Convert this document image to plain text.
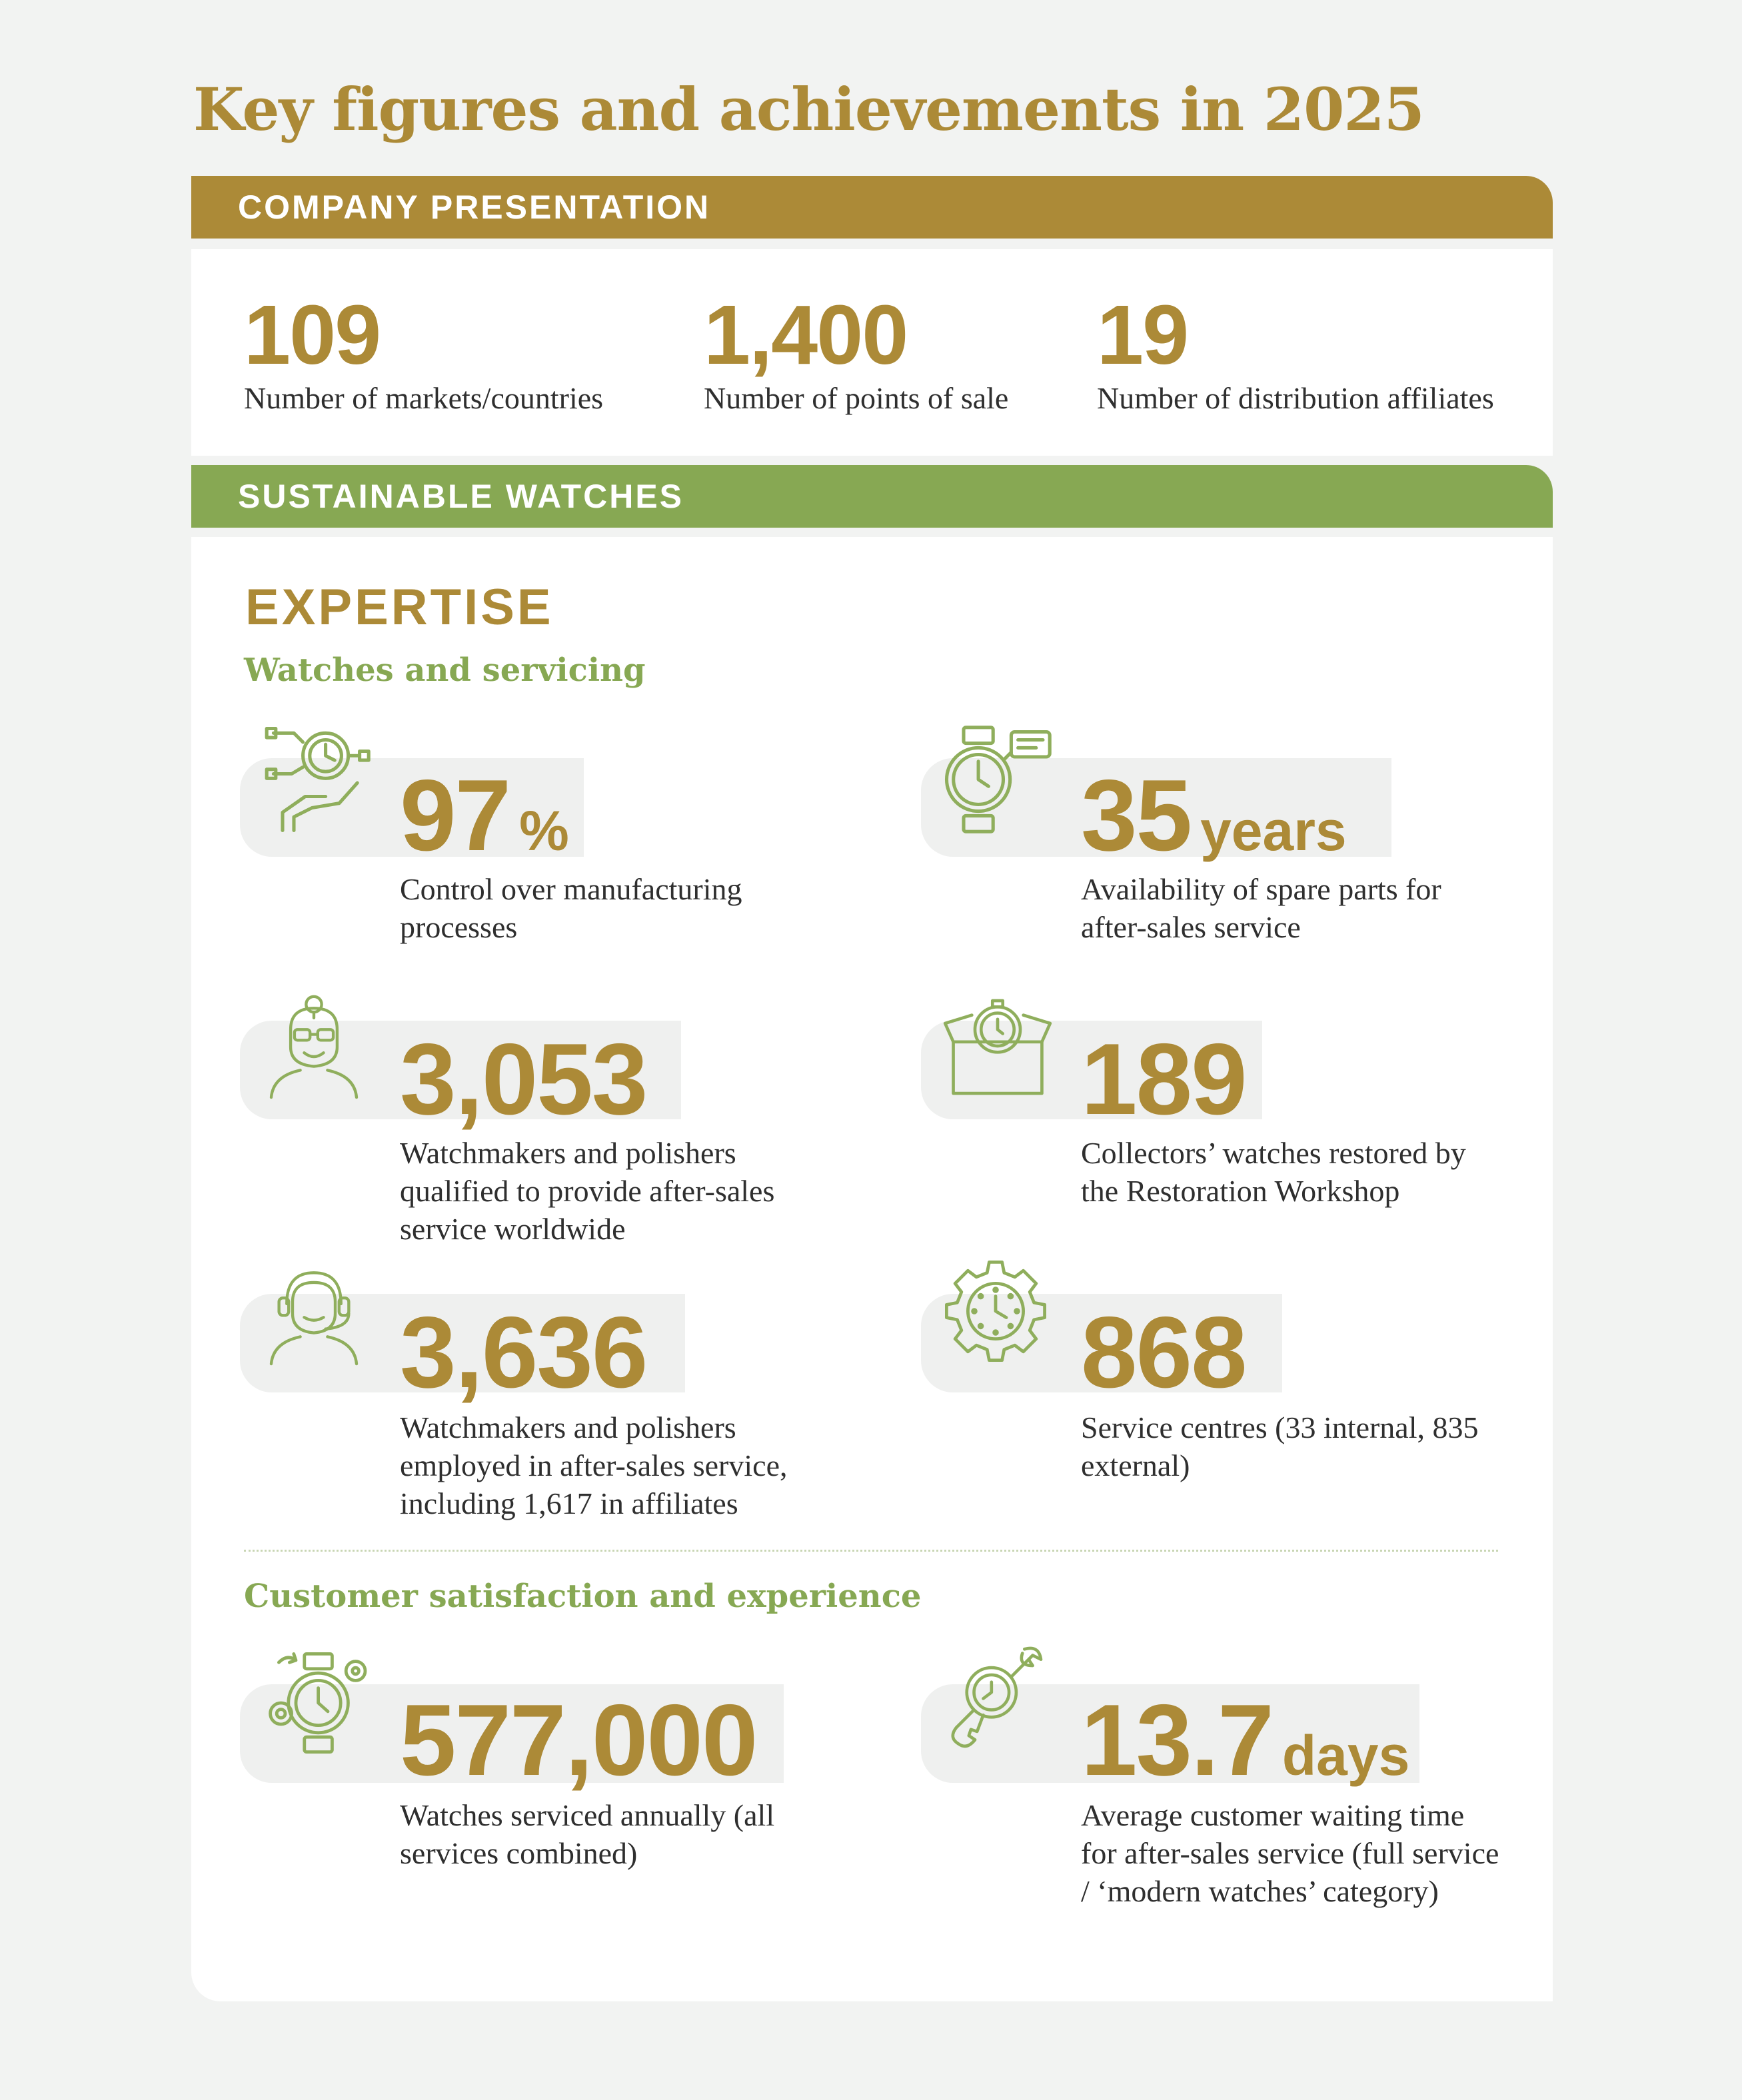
Key figures and achievements in 2025
COMPANY PRESENTATION
109
Number of markets/countries
1,400
Number of points of sale
19
Number of distribution affiliates
SUSTAINABLE WATCHES
EXPERTISE
Watches and servicing
97 %
Control over manufacturing processes
35 years
Availability of spare parts for after-sales service
3,053
Watchmakers and polishers qualified to provide after-sales service worldwide
189
Collectors’ watches restored by the Restoration Workshop
3,636
Watchmakers and polishers employed in after-sales service, including 1,617 in affiliates
868
Service centres (33 internal, 835 external)
Customer satisfaction and experience
577,000
Watches serviced annually (all services combined)
13.7 days
Average customer waiting time for after-sales service (full service / ‘modern watches’ category)
